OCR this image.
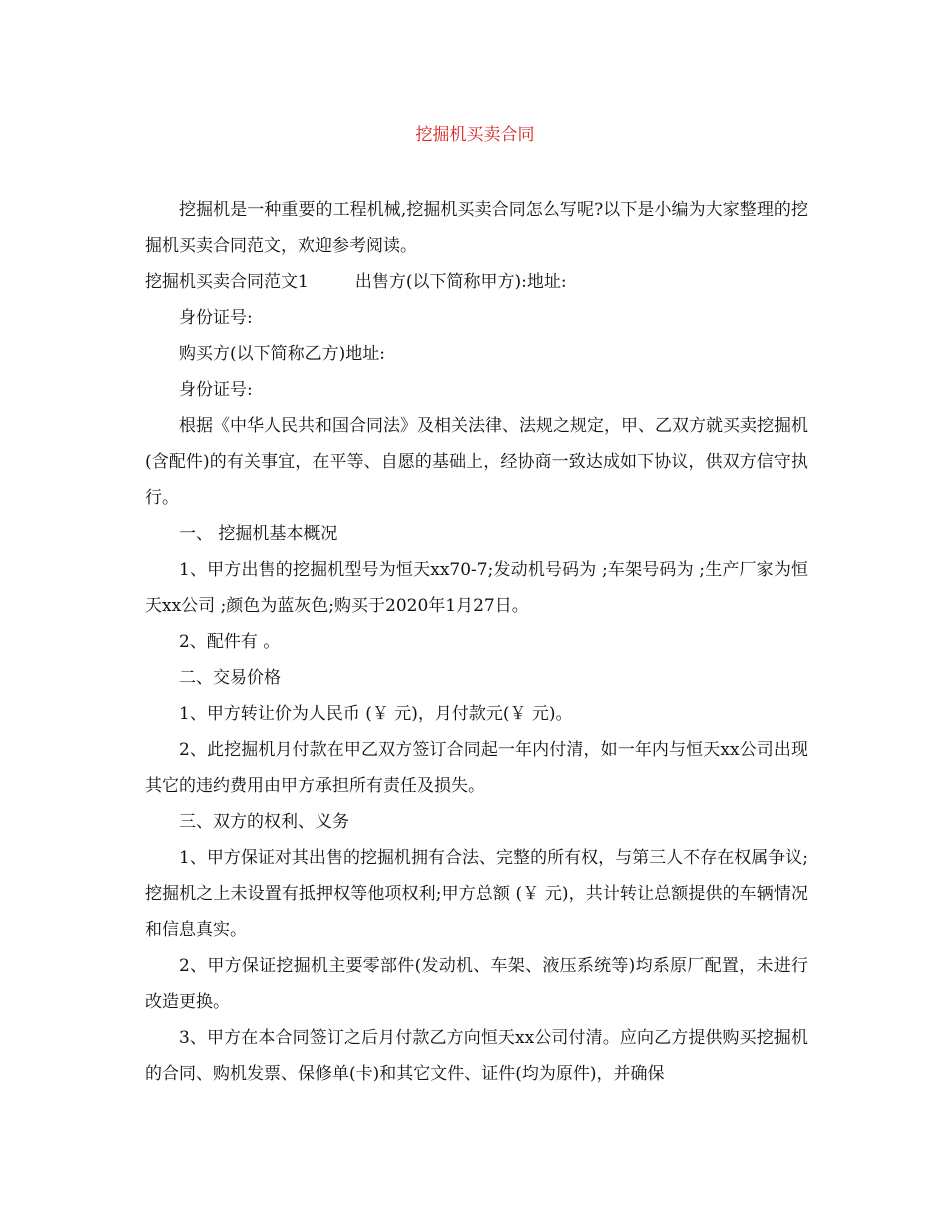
挖掘机买卖合同

挖掘机是一种重要的工程机械,挖掘机买卖合同怎么写呢?以下是小编为大家整理的挖掘机买卖合同范文，欢迎参考阅读。

挖掘机买卖合同范文1	出售方(以下简称甲方):地址:

身份证号:

购买方(以下简称乙方)地址:

身份证号:

根据《中华人民共和国合同法》及相关法律、法规之规定，甲、乙双方就买卖挖掘机(含配件)的有关事宜，在平等、自愿的基础上，经协商一致达成如下协议，供双方信守执行。

一、 挖掘机基本概况

1、甲方出售的挖掘机型号为恒天xx70-7;发动机号码为 ;车架号码为 ;生产厂家为恒天xx公司 ;颜色为蓝灰色;购买于2020年1月27日。

2、配件有 。

二、交易价格

1、甲方转让价为人民币 (￥ 元)，月付款元(￥ 元)。

2、此挖掘机月付款在甲乙双方签订合同起一年内付清，如一年内与恒天xx公司出现其它的违约费用由甲方承担所有责任及损失。

三、双方的权利、义务

1、甲方保证对其出售的挖掘机拥有合法、完整的所有权，与第三人不存在权属争议;挖掘机之上未设置有抵押权等他项权利;甲方总额 (￥ 元)，共计转让总额提供的车辆情况和信息真实。

2、甲方保证挖掘机主要零部件(发动机、车架、液压系统等)均系原厂配置，未进行改造更换。

3、甲方在本合同签订之后月付款乙方向恒天xx公司付清。应向乙方提供购买挖掘机的合同、购机发票、保修单(卡)和其它文件、证件(均为原件)，并确保
